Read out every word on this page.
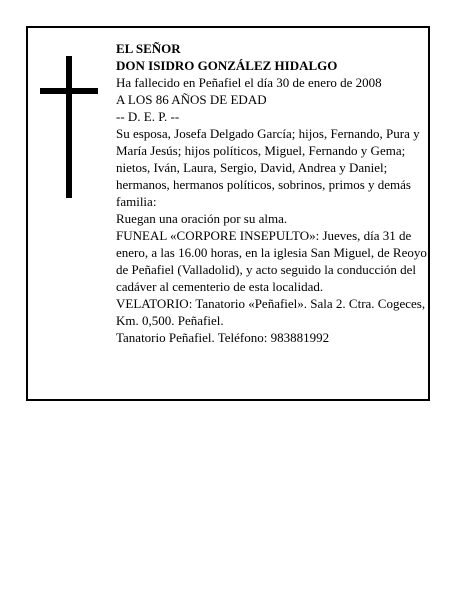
EL SEÑOR

DON ISIDRO GONZÁLEZ HIDALGO

Ha fallecido en Peñafiel el día 30 de enero de 2008

A LOS 86 AÑOS DE EDAD

-- D. E. P. --

Su esposa, Josefa Delgado García; hijos, Fernando, Pura y María Jesús; hijos políticos, Miguel, Fernando y Gema; nietos, Iván, Laura, Sergio, David, Andrea y Daniel; hermanos, hermanos políticos, sobrinos, primos y demás familia:

Ruegan una oración por su alma.

FUNEAL «CORPORE INSEPULTO»: Jueves, día 31 de enero, a las 16.00 horas, en la iglesia San Miguel, de Reoyo de Peñafiel (Valladolid), y acto seguido la conducción del cadáver al cementerio de esta localidad.

VELATORIO: Tanatorio «Peñafiel». Sala 2. Ctra. Cogeces, Km. 0,500. Peñafiel.

Tanatorio Peñafiel. Teléfono: 983881992
